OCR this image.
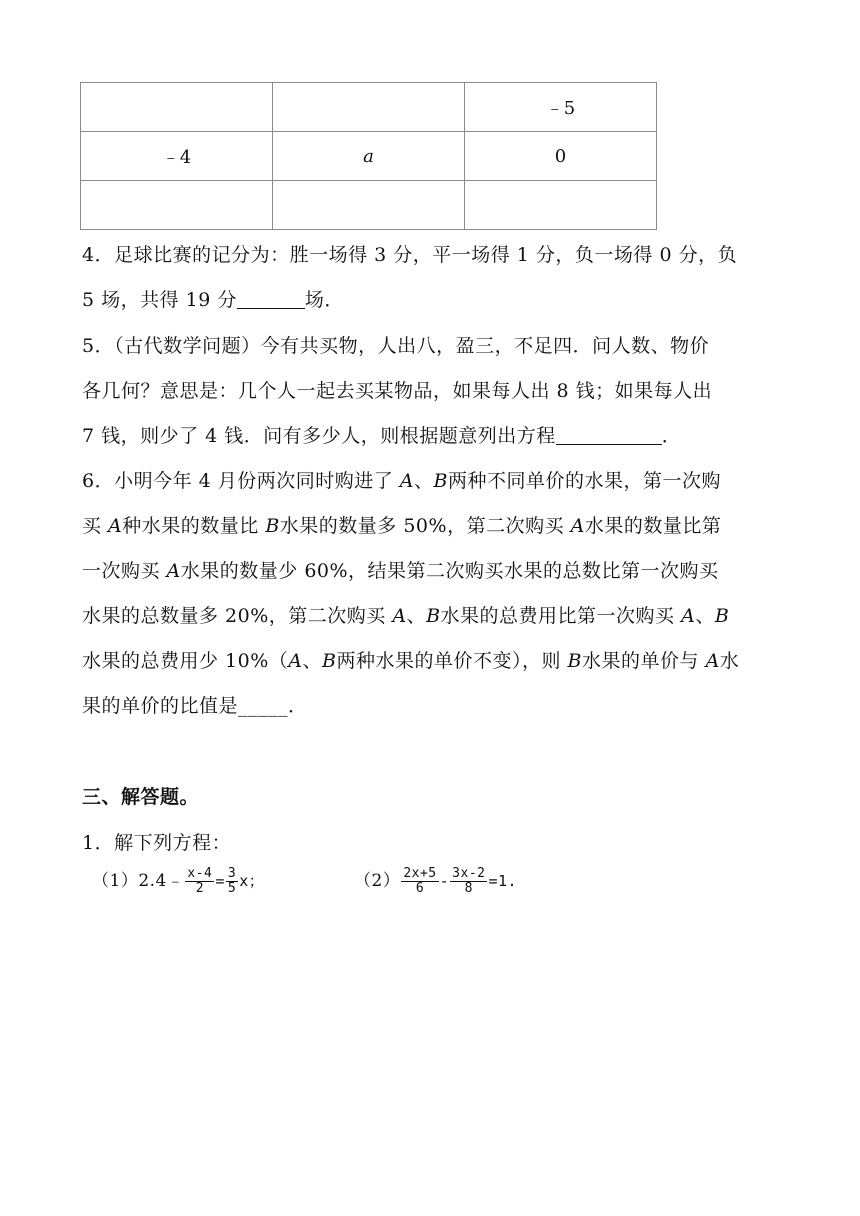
		﹣5
﹣4	a	0

4．足球比赛的记分为：胜一场得 3 分，平一场得 1 分，负一场得 0 分，负
5 场，共得 19 分	场．
5．（古代数学问题）今有共买物，人出八，盈三，不足四．问人数、物价
各几何？意思是：几个人一起去买某物品，如果每人出 8 钱；如果每人出
7 钱，则少了 4 钱．问有多少人，则根据题意列出方程	．
6．小明今年 4 月份两次同时购进了 A、B两种不同单价的水果，第一次购
买 A种水果的数量比 B水果的数量多 50%，第二次购买 A水果的数量比第
一次购买 A水果的数量少 60%，结果第二次购买水果的总数比第一次购买
水果的总数量多 20%，第二次购买 A、B水果的总费用比第一次购买 A、B
水果的总费用少 10%（A、B两种水果的单价不变），则 B水果的单价与 A水
果的单价的比值是_____．
三、解答题。
1．解下列方程：
（1）2.4﹣ $\frac{x-4}{2} = \frac{3}{5}$ x；	$(2) \frac{2x+5}{6} - \frac{3x-2}{8} =1$.
